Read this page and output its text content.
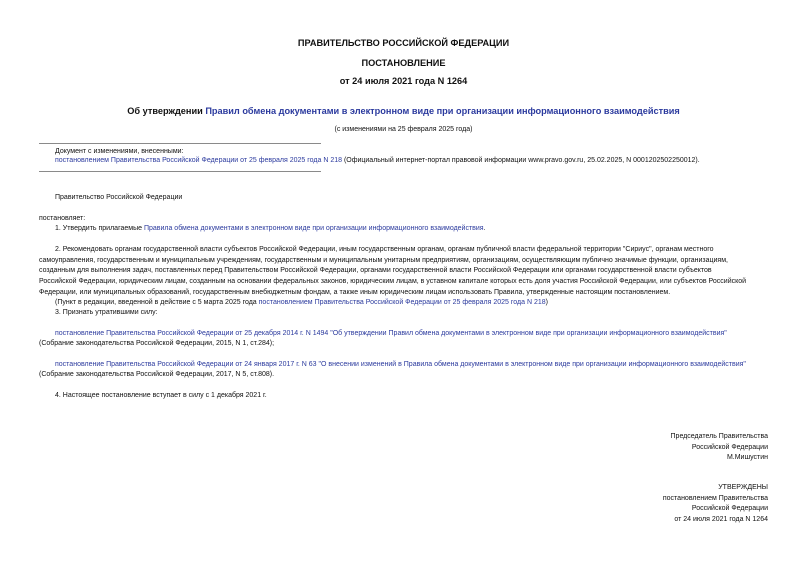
ПРАВИТЕЛЬСТВО РОССИЙСКОЙ ФЕДЕРАЦИИ
ПОСТАНОВЛЕНИЕ
от 24 июля 2021 года N 1264
Об утверждении Правил обмена документами в электронном виде при организации информационного взаимодействия
(с изменениями на 25 февраля 2025 года)
Документ с изменениями, внесенными:
постановлением Правительства Российской Федерации от 25 февраля 2025 года N 218 (Официальный интернет-портал правовой информации www.pravo.gov.ru, 25.02.2025, N 0001202502250012).
Правительство Российской Федерации
постановляет:
1. Утвердить прилагаемые Правила обмена документами в электронном виде при организации информационного взаимодействия.
2. Рекомендовать органам государственной власти субъектов Российской Федерации, иным государственным органам, органам публичной власти федеральной территории "Сириус", органам местного
самоуправления, государственным и муниципальным учреждениям, государственным и муниципальным унитарным предприятиям, организациям, осуществляющим публично значимые функции, организациям,
созданным для выполнения задач, поставленных перед Правительством Российской Федерации, органами государственной власти Российской Федерации или органами государственной власти субъектов
Российской Федерации, юридическим лицам, созданным на основании федеральных законов, юридическим лицам, в уставном капитале которых есть доля участия Российской Федерации, или субъектов Российской
Федерации, или муниципальных образований, государственным внебюджетным фондам, а также иным юридическим лицам использовать Правила, утвержденные настоящим постановлением.
(Пункт в редакции, введенной в действие с 5 марта 2025 года постановлением Правительства Российской Федерации от 25 февраля 2025 года N 218)
3. Признать утратившими силу:
постановление Правительства Российской Федерации от 25 декабря 2014 г. N 1494 "Об утверждении Правил обмена документами в электронном виде при организации информационного взаимодействия"
(Собрание законодательства Российской Федерации, 2015, N 1, ст.284);
постановление Правительства Российской Федерации от 24 января 2017 г. N 63 "О внесении изменений в Правила обмена документами в электронном виде при организации информационного взаимодействия"
(Собрание законодательства Российской Федерации, 2017, N 5, ст.808).
4. Настоящее постановление вступает в силу с 1 декабря 2021 г.
Председатель Правительства
Российской Федерации
М.Мишустин
УТВЕРЖДЕНЫ
постановлением Правительства
Российской Федерации
от 24 июля 2021 года N 1264
